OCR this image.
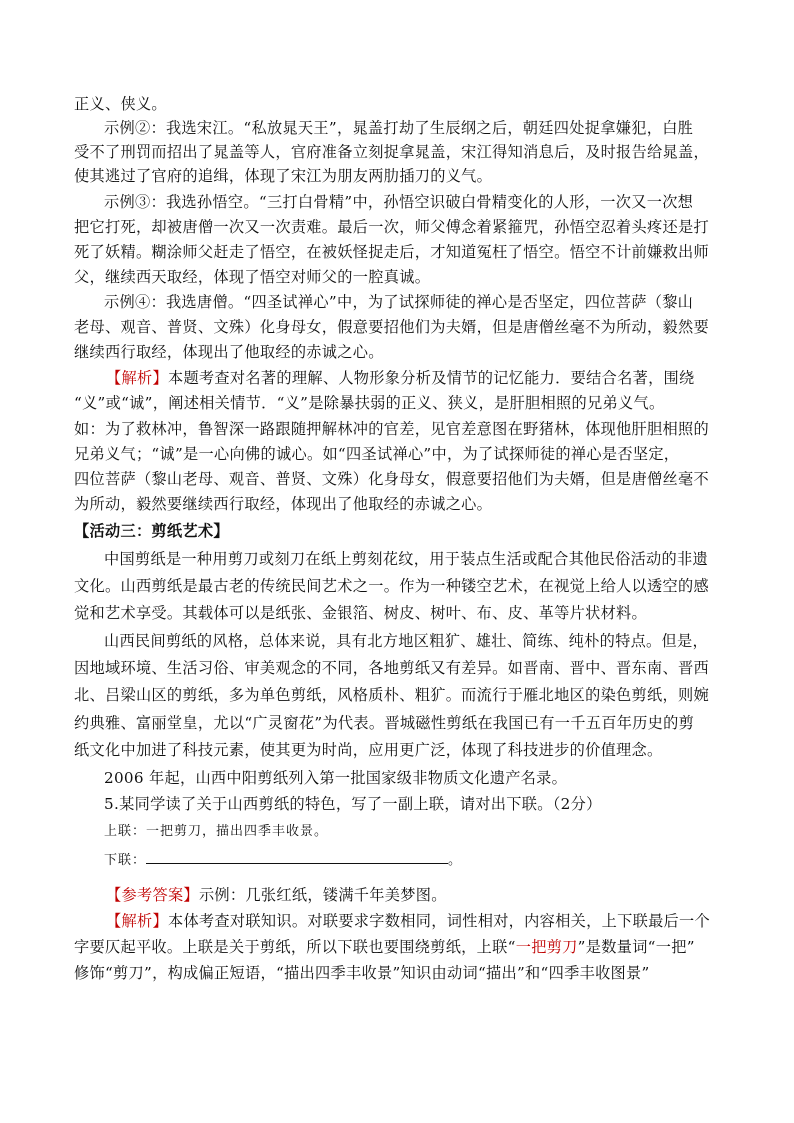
正义、侠义。
示例②：我选宋江。“私放晁天王”，晁盖打劫了生辰纲之后，朝廷四处捉拿嫌犯，白胜
受不了刑罚而招出了晁盖等人，官府准备立刻捉拿晁盖，宋江得知消息后，及时报告给晁盖，
使其逃过了官府的追缉，体现了宋江为朋友两肋插刀的义气。
示例③：我选孙悟空。“三打白骨精”中，孙悟空识破白骨精变化的人形，一次又一次想
把它打死，却被唐僧一次又一次责难。最后一次，师父傅念着紧箍咒，孙悟空忍着头疼还是打
死了妖精。糊涂师父赶走了悟空，在被妖怪捉走后，才知道冤枉了悟空。悟空不计前嫌救出师
父，继续西天取经，体现了悟空对师父的一腔真诚。
示例④：我选唐僧。“四圣试禅心”中，为了试探师徒的禅心是否坚定，四位菩萨（黎山
老母、观音、普贤、文殊）化身母女，假意要招他们为夫婿，但是唐僧丝毫不为所动，毅然要
继续西行取经，体现出了他取经的赤诚之心。
【解析】本题考查对名著的理解、人物形象分析及情节的记忆能力．要结合名著，围绕
“义”或“诚”，阐述相关情节．“义”是除暴扶弱的正义、狭义，是肝胆相照的兄弟义气。
如：为了救林冲，鲁智深一路跟随押解林冲的官差，见官差意图在野猪林，体现他肝胆相照的
兄弟义气；“诚”是一心向佛的诚心。如“四圣试禅心”中，为了试探师徒的禅心是否坚定，
四位菩萨（黎山老母、观音、普贤、文殊）化身母女，假意要招他们为夫婿，但是唐僧丝毫不
为所动，毅然要继续西行取经，体现出了他取经的赤诚之心。
【活动三：剪纸艺术】
中国剪纸是一种用剪刀或刻刀在纸上剪刻花纹，用于装点生活或配合其他民俗活动的非遗
文化。山西剪纸是最古老的传统民间艺术之一。作为一种镂空艺术，在视觉上给人以透空的感
觉和艺术享受。其载体可以是纸张、金银箔、树皮、树叶、布、皮、革等片状材料。
山西民间剪纸的风格，总体来说，具有北方地区粗犷、雄壮、简练、纯朴的特点。但是，
因地域环境、生活习俗、审美观念的不同，各地剪纸又有差异。如晋南、晋中、晋东南、晋西
北、吕梁山区的剪纸，多为单色剪纸，风格质朴、粗犷。而流行于雁北地区的染色剪纸，则婉
约典雅、富丽堂皇，尤以“广灵窗花”为代表。晋城磁性剪纸在我国已有一千五百年历史的剪
纸文化中加进了科技元素，使其更为时尚，应用更广泛，体现了科技进步的价值理念。
2006 年起，山西中阳剪纸列入第一批国家级非物质文化遗产名录。
5.某同学读了关于山西剪纸的特色，写了一副上联，请对出下联。（2分）
上联：一把剪刀，描出四季丰收景。
下联：	。
【参考答案】示例：几张红纸，镂满千年美梦图。
【解析】本体考查对联知识。对联要求字数相同，词性相对，内容相关，上下联最后一个
字要仄起平收。上联是关于剪纸，所以下联也要围绕剪纸，上联“一把剪刀”是数量词“一把”
修饰“剪刀”，构成偏正短语，“描出四季丰收景”知识由动词“描出”和“四季丰收图景”
